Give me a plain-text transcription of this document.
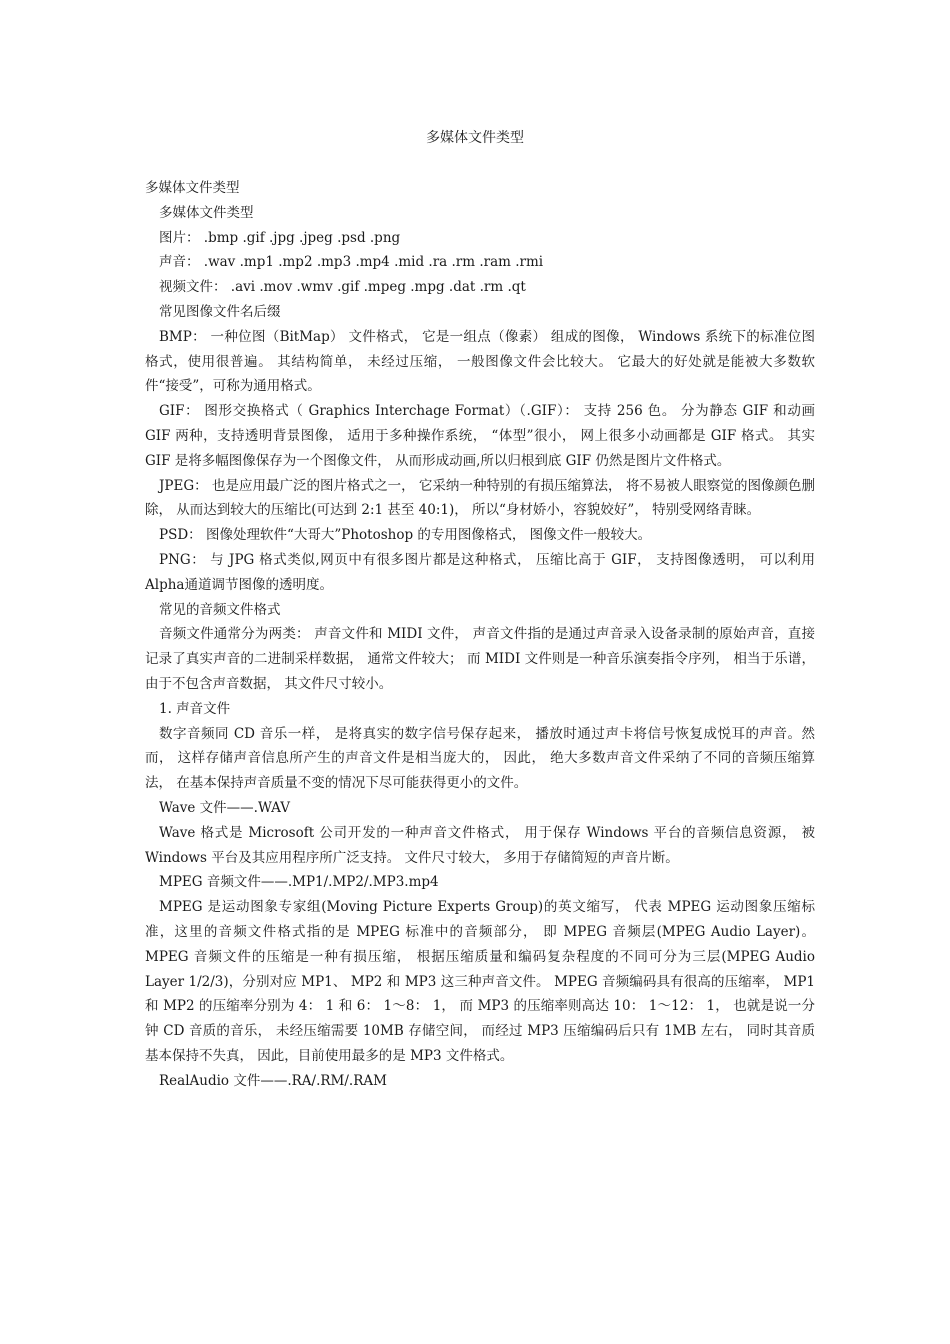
多媒体文件类型

多媒体文件类型

多媒体文件类型

图片： .bmp .gif .jpg .jpeg .psd .png

声音： .wav .mp1 .mp2 .mp3 .mp4 .mid .ra .rm .ram .rmi

视频文件： .avi .mov .wmv .gif .mpeg .mpg .dat .rm .qt

常见图像文件名后缀

BMP： 一种位图（BitMap） 文件格式， 它是一组点（像素） 组成的图像， Windows 系统下的标准位图格式，使用很普遍。 其结构简单， 未经过压缩， 一般图像文件会比较大。 它最大的好处就是能被大多数软件“接受”，可称为通用格式。

GIF： 图形交换格式（ Graphics Interchage Format）（.GIF）： 支持 256 色。 分为静态 GIF 和动画 GIF 两种，支持透明背景图像， 适用于多种操作系统， “体型”很小， 网上很多小动画都是 GIF 格式。 其实 GIF 是将多幅图像保存为一个图像文件， 从而形成动画,所以归根到底 GIF 仍然是图片文件格式。

JPEG： 也是应用最广泛的图片格式之一， 它采纳一种特别的有损压缩算法， 将不易被人眼察觉的图像颜色删除， 从而达到较大的压缩比(可达到 2:1 甚至 40:1)， 所以“身材娇小，容貌姣好”， 特别受网络青睐。

PSD： 图像处理软件“大哥大”Photoshop 的专用图像格式， 图像文件一般较大。

PNG： 与 JPG 格式类似,网页中有很多图片都是这种格式， 压缩比高于 GIF， 支持图像透明， 可以利用 Alpha通道调节图像的透明度。

常见的音频文件格式

音频文件通常分为两类： 声音文件和 MIDI 文件， 声音文件指的是通过声音录入设备录制的原始声音，直接记录了真实声音的二进制采样数据， 通常文件较大； 而 MIDI 文件则是一种音乐演奏指令序列， 相当于乐谱， 由于不包含声音数据， 其文件尺寸较小。

1. 声音文件

数字音频同 CD 音乐一样， 是将真实的数字信号保存起来， 播放时通过声卡将信号恢复成悦耳的声音。然而， 这样存储声音信息所产生的声音文件是相当庞大的， 因此， 绝大多数声音文件采纳了不同的音频压缩算法， 在基本保持声音质量不变的情况下尽可能获得更小的文件。

Wave 文件——.WAV

Wave 格式是 Microsoft 公司开发的一种声音文件格式， 用于保存 Windows 平台的音频信息资源， 被Windows 平台及其应用程序所广泛支持。 文件尺寸较大， 多用于存储简短的声音片断。

MPEG 音频文件——.MP1/.MP2/.MP3.mp4

MPEG 是运动图象专家组(Moving Picture Experts Group)的英文缩写， 代表 MPEG 运动图象压缩标准，这里的音频文件格式指的是 MPEG 标准中的音频部分， 即 MPEG 音频层(MPEG Audio Layer)。 MPEG 音频文件的压缩是一种有损压缩， 根据压缩质量和编码复杂程度的不同可分为三层(MPEG Audio Layer 1/2/3)，分别对应 MP1、 MP2 和 MP3 这三种声音文件。 MPEG 音频编码具有很高的压缩率， MP1 和 MP2 的压缩率分别为 4： 1 和 6： 1～8： 1， 而 MP3 的压缩率则高达 10： 1～12： 1， 也就是说一分钟 CD 音质的音乐， 未经压缩需要 10MB 存储空间， 而经过 MP3 压缩编码后只有 1MB 左右， 同时其音质基本保持不失真， 因此，目前使用最多的是 MP3 文件格式。

RealAudio 文件——.RA/.RM/.RAM
